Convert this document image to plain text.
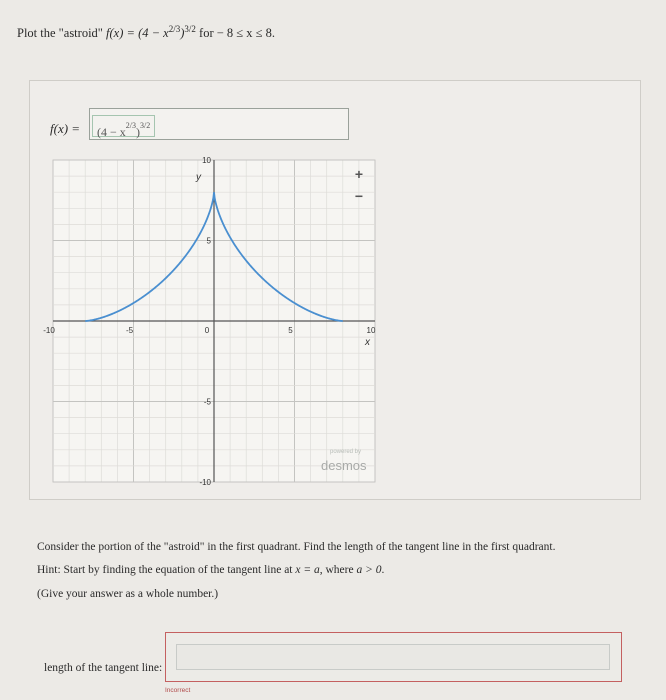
Plot the "astroid" $f(x) = (4 - x^{2/3})^{3/2}$ for − 8 ≤ x ≤ 8.
f(x) =	$(4 - x^{2/3})^{3/2}$
-10	-5	0	5	10
10
5
-5
-10
x
y	+
−
powered by
desmos
Consider the portion of the "astroid" in the first quadrant. Find the length of the tangent line in the first quadrant.
Hint: Start by finding the equation of the tangent line at x = a, where a > 0.
(Give your answer as a whole number.)
length of the tangent line:
Incorrect
